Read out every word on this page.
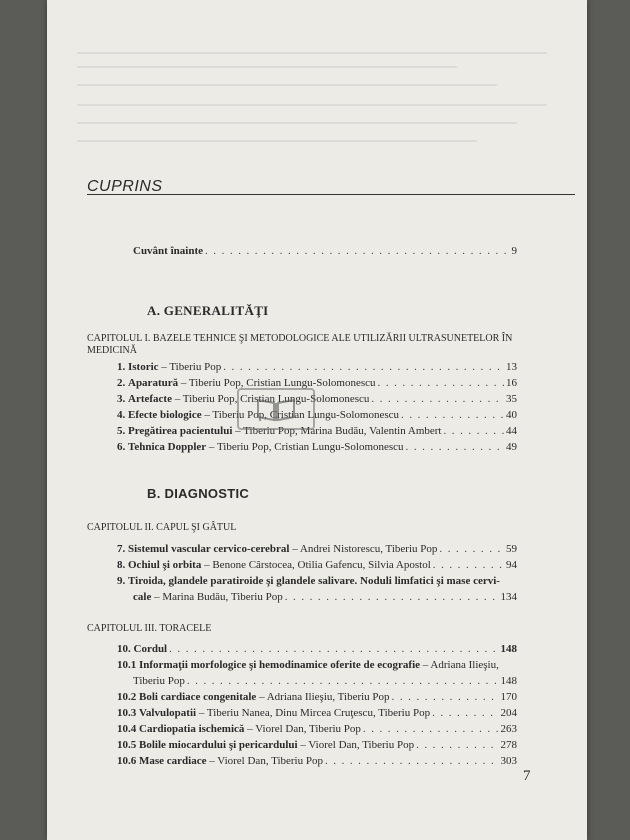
CUPRINS
Cuvânt înainte . . .	9
A. GENERALITĂŢI
CAPITOLUL I. BAZELE TEHNICE ŞI METODOLOGICE ALE UTILIZĂRII ULTRASUNETELOR ÎN MEDICINĂ
1. Istoric – Tiberiu Pop . . .	13
2. Aparatură – Tiberiu Pop, Cristian Lungu-Solomonescu . . .	16
3. Artefacte – Tiberiu Pop, Cristian Lungu-Solomonescu . . .	35
4. Efecte biologice – Tiberiu Pop, Cristian Lungu-Solomonescu . . .	40
5. Pregătirea pacientului – Tiberiu Pop, Marina Budău, Valentin Ambert . . .	44
6. Tehnica Doppler – Tiberiu Pop, Cristian Lungu-Solomonescu . . .	49
B. DIAGNOSTIC
CAPITOLUL II. CAPUL ŞI GÂTUL
7. Sistemul vascular cervico-cerebral – Andrei Nistorescu, Tiberiu Pop . . .	59
8. Ochiul şi orbita – Benone Cârstocea, Otilia Gafencu, Silvia Apostol . . .	94
9. Tiroida, glandele paratiroide şi glandele salivare. Noduli limfatici şi mase cervi-
cale – Marina Budău, Tiberiu Pop . . .	134
CAPITOLUL III. TORACELE
10. Cordul . . .	148
10.1 Informaţii morfologice şi hemodinamice oferite de ecografie – Adriana Ilieşiu,
Tiberiu Pop . . .	148
10.2 Boli cardiace congenitale – Adriana Ilieşiu, Tiberiu Pop . . .	170
10.3 Valvulopatii – Tiberiu Nanea, Dinu Mircea Cruţescu, Tiberiu Pop . . .	204
10.4 Cardiopatia ischemică – Viorel Dan, Tiberiu Pop . . .	263
10.5 Bolile miocardului şi pericardului – Viorel Dan, Tiberiu Pop . . .	278
10.6 Mase cardiace – Viorel Dan, Tiberiu Pop . . .	303
7
